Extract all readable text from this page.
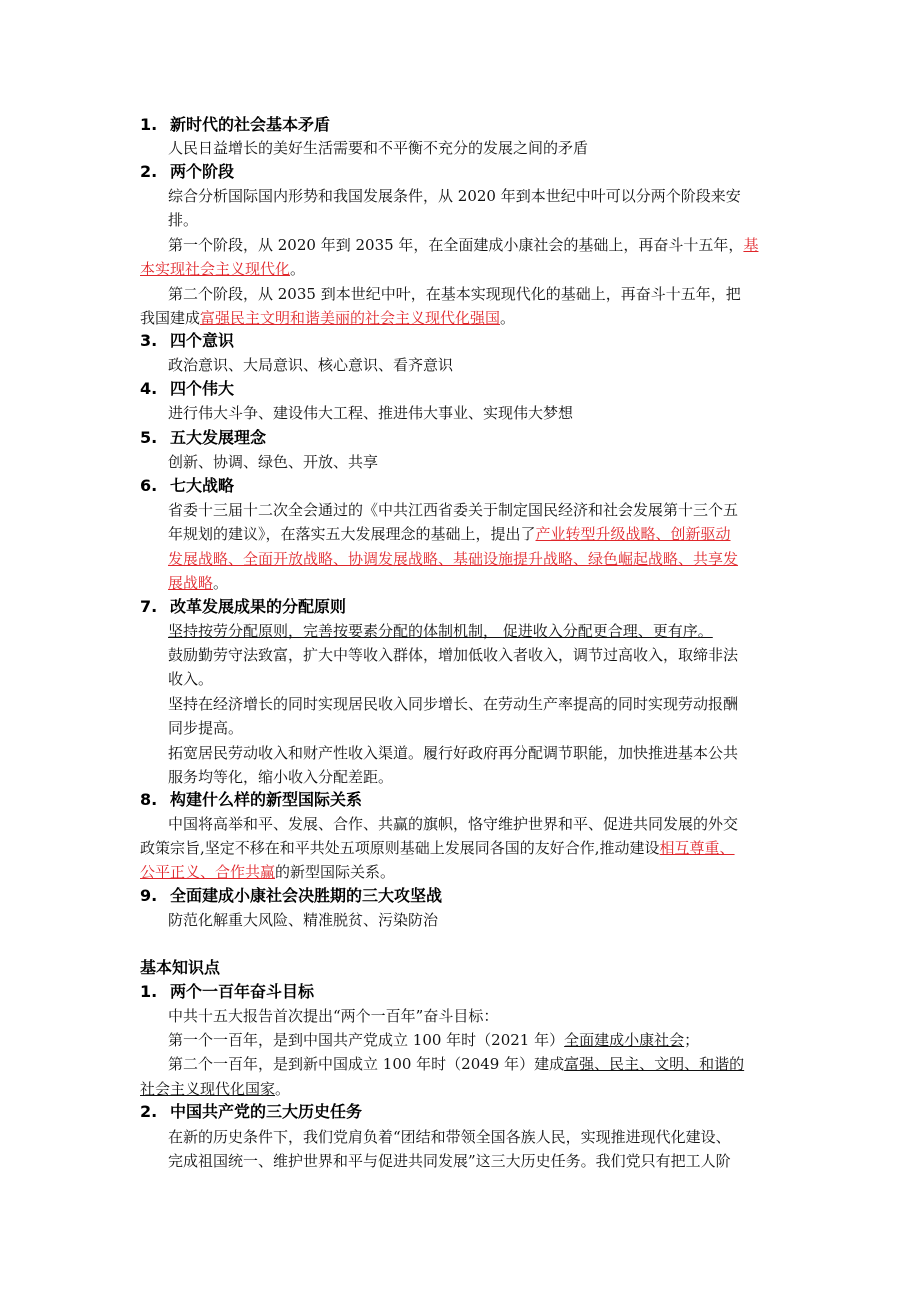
1. 新时代的社会基本矛盾
人民日益增长的美好生活需要和不平衡不充分的发展之间的矛盾
2. 两个阶段
综合分析国际国内形势和我国发展条件，从 2020 年到本世纪中叶可以分两个阶段来安
排。
第一个阶段，从 2020 年到 2035 年，在全面建成小康社会的基础上，再奋斗十五年，基
本实现社会主义现代化。
第二个阶段，从 2035 到本世纪中叶，在基本实现现代化的基础上，再奋斗十五年，把
我国建成富强民主文明和谐美丽的社会主义现代化强国。
3. 四个意识
政治意识、大局意识、核心意识、看齐意识
4. 四个伟大
进行伟大斗争、建设伟大工程、推进伟大事业、实现伟大梦想
5. 五大发展理念
创新、协调、绿色、开放、共享
6. 七大战略
省委十三届十二次全会通过的《中共江西省委关于制定国民经济和社会发展第十三个五
年规划的建议》，在落实五大发展理念的基础上，提出了产业转型升级战略、创新驱动
发展战略、全面开放战略、协调发展战略、基础设施提升战略、绿色崛起战略、共享发
展战略。
7. 改革发展成果的分配原则
坚持按劳分配原则，完善按要素分配的体制机制， 促进收入分配更合理、更有序。
鼓励勤劳守法致富，扩大中等收入群体，增加低收入者收入，调节过高收入，取缔非法
收入。
坚持在经济增长的同时实现居民收入同步增长、在劳动生产率提高的同时实现劳动报酬
同步提高。
拓宽居民劳动收入和财产性收入渠道。履行好政府再分配调节职能，加快推进基本公共
服务均等化，缩小收入分配差距。
8. 构建什么样的新型国际关系
中国将高举和平、发展、合作、共赢的旗帜，恪守维护世界和平、促进共同发展的外交
政策宗旨,坚定不移在和平共处五项原则基础上发展同各国的友好合作,推动建设相互尊重、
公平正义、合作共赢的新型国际关系。
9. 全面建成小康社会决胜期的三大攻坚战
防范化解重大风险、精准脱贫、污染防治
基本知识点
1. 两个一百年奋斗目标
中共十五大报告首次提出“两个一百年”奋斗目标：
第一个一百年，是到中国共产党成立 100 年时（2021 年）全面建成小康社会；
第二个一百年，是到新中国成立 100 年时（2049 年）建成富强、民主、文明、和谐的
社会主义现代化国家。
2. 中国共产党的三大历史任务
在新的历史条件下，我们党肩负着“团结和带领全国各族人民，实现推进现代化建设、
完成祖国统一、维护世界和平与促进共同发展”这三大历史任务。我们党只有把工人阶
